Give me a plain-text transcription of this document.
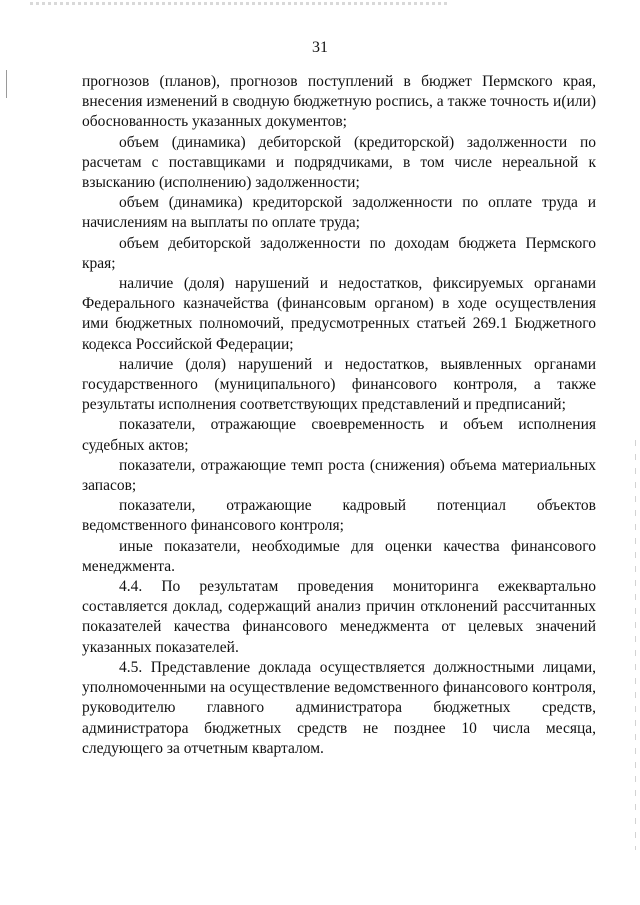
31

прогнозов (планов), прогнозов поступлений в бюджет Пермского края, внесения изменений в сводную бюджетную роспись, а также точность и(или) обоснованность указанных документов;

объем (динамика) дебиторской (кредиторской) задолженности по расчетам с поставщиками и подрядчиками, в том числе нереальной к взысканию (исполнению) задолженности;

объем (динамика) кредиторской задолженности по оплате труда и начислениям на выплаты по оплате труда;

объем дебиторской задолженности по доходам бюджета Пермского края;

наличие (доля) нарушений и недостатков, фиксируемых органами Федерального казначейства (финансовым органом) в ходе осуществления ими бюджетных полномочий, предусмотренных статьей 269.1 Бюджетного кодекса Российской Федерации;

наличие (доля) нарушений и недостатков, выявленных органами государственного (муниципального) финансового контроля, а также результаты исполнения соответствующих представлений и предписаний;

показатели, отражающие своевременность и объем исполнения судебных актов;

показатели, отражающие темп роста (снижения) объема материальных запасов;

показатели, отражающие кадровый потенциал объектов ведомственного финансового контроля;

иные показатели, необходимые для оценки качества финансового менеджмента.

4.4. По результатам проведения мониторинга ежеквартально составляется доклад, содержащий анализ причин отклонений рассчитанных показателей качества финансового менеджмента от целевых значений указанных показателей.

4.5. Представление доклада осуществляется должностными лицами, уполномоченными на осуществление ведомственного финансового контроля, руководителю главного администратора бюджетных средств, администратора бюджетных средств не позднее 10 числа месяца, следующего за отчетным кварталом.
